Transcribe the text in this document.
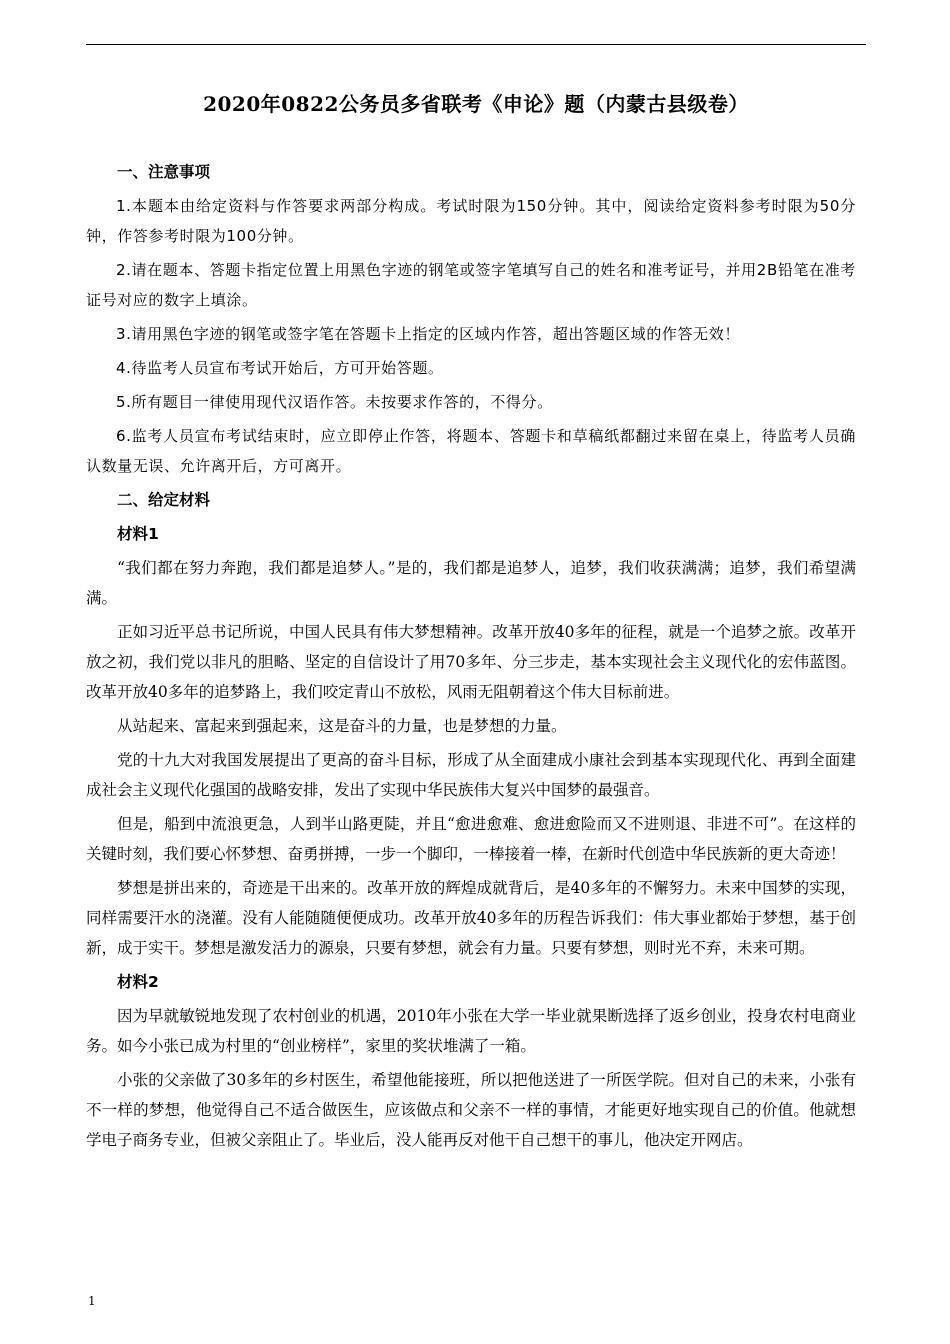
2020年0822公务员多省联考《申论》题（内蒙古县级卷）

一、注意事项

1.本题本由给定资料与作答要求两部分构成。考试时限为150分钟。其中，阅读给定资料参考时限为50分钟，作答参考时限为100分钟。

2.请在题本、答题卡指定位置上用黑色字迹的钢笔或签字笔填写自己的姓名和准考证号，并用2B铅笔在准考证号对应的数字上填涂。

3.请用黑色字迹的钢笔或签字笔在答题卡上指定的区域内作答，超出答题区域的作答无效！

4.待监考人员宣布考试开始后，方可开始答题。

5.所有题目一律使用现代汉语作答。未按要求作答的，不得分。

6.监考人员宣布考试结束时，应立即停止作答，将题本、答题卡和草稿纸都翻过来留在桌上，待监考人员确认数量无误、允许离开后，方可离开。

二、给定材料

材料1

“我们都在努力奔跑，我们都是追梦人。”是的，我们都是追梦人，追梦，我们收获满满；追梦，我们希望满满。

正如习近平总书记所说，中国人民具有伟大梦想精神。改革开放40多年的征程，就是一个追梦之旅。改革开放之初，我们党以非凡的胆略、坚定的自信设计了用70多年、分三步走，基本实现社会主义现代化的宏伟蓝图。改革开放40多年的追梦路上，我们咬定青山不放松，风雨无阻朝着这个伟大目标前进。

从站起来、富起来到强起来，这是奋斗的力量，也是梦想的力量。

党的十九大对我国发展提出了更高的奋斗目标，形成了从全面建成小康社会到基本实现现代化、再到全面建成社会主义现代化强国的战略安排，发出了实现中华民族伟大复兴中国梦的最强音。

但是，船到中流浪更急，人到半山路更陡，并且“愈进愈难、愈进愈险而又不进则退、非进不可”。在这样的关键时刻，我们要心怀梦想、奋勇拼搏，一步一个脚印，一棒接着一棒，在新时代创造中华民族新的更大奇迹！

梦想是拼出来的，奇迹是干出来的。改革开放的辉煌成就背后，是40多年的不懈努力。未来中国梦的实现，同样需要汗水的浇灌。没有人能随随便便成功。改革开放40多年的历程告诉我们：伟大事业都始于梦想，基于创新，成于实干。梦想是激发活力的源泉，只要有梦想，就会有力量。只要有梦想，则时光不弃，未来可期。

材料2

因为早就敏锐地发现了农村创业的机遇，2010年小张在大学一毕业就果断选择了返乡创业，投身农村电商业务。如今小张已成为村里的“创业榜样”，家里的奖状堆满了一箱。

小张的父亲做了30多年的乡村医生，希望他能接班，所以把他送进了一所医学院。但对自己的未来，小张有不一样的梦想，他觉得自己不适合做医生，应该做点和父亲不一样的事情，才能更好地实现自己的价值。他就想学电子商务专业，但被父亲阻止了。毕业后，没人能再反对他干自己想干的事儿，他决定开网店。

1
